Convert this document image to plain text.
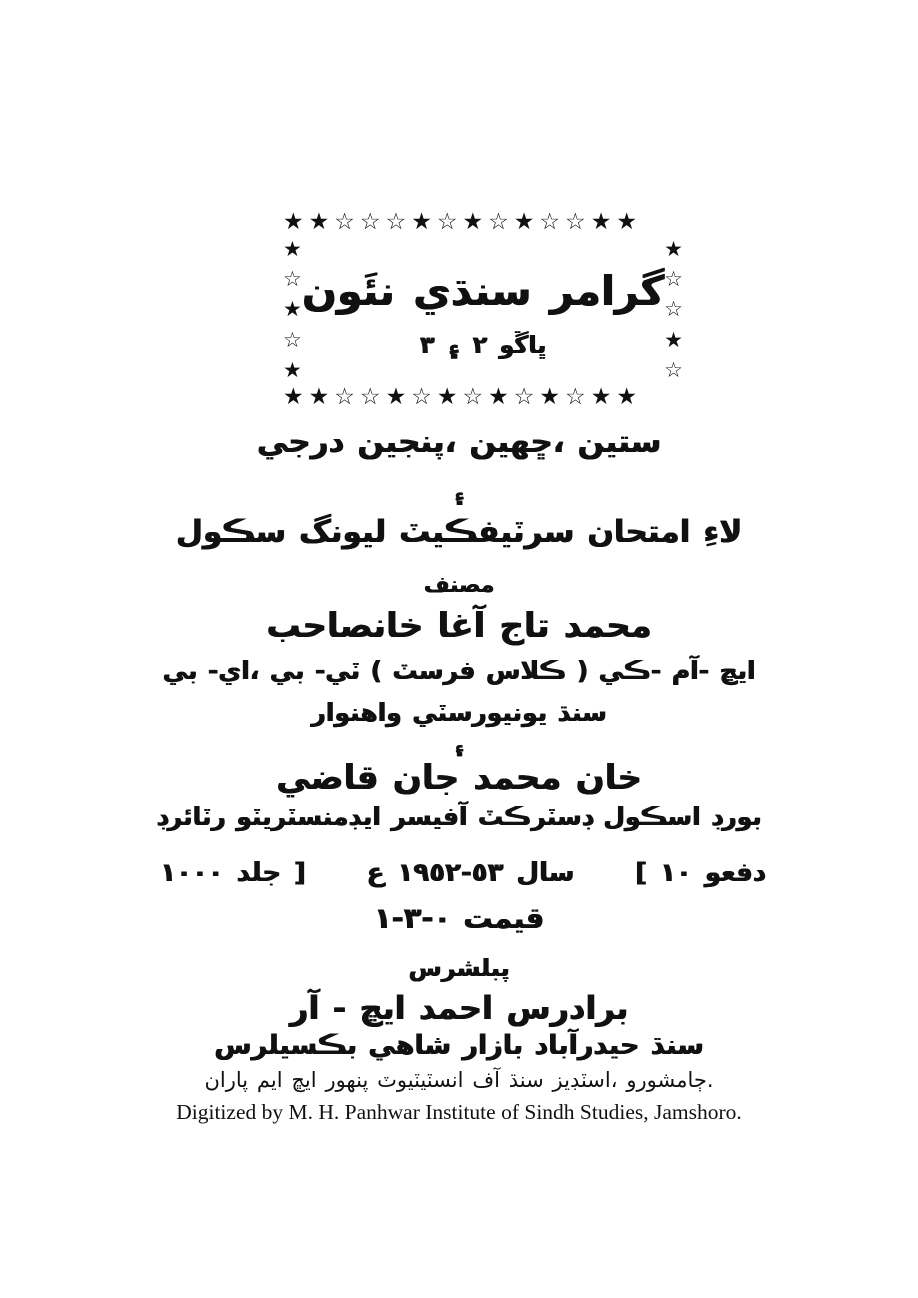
★ ★ ☆ ☆ ☆ ★ ☆ ★ ☆ ★ ☆ ☆ ★ ★
★
☆
★
☆
★
نئَون سنڌي گرامر
٣ ۽ ٢ ڀاڱو
★
☆
☆
★
☆
★ ★ ☆ ☆ ★ ☆ ★ ☆ ★ ☆ ★ ☆ ★ ★
درجي پنجين، ڇهين، ستين
۽
سڪول ليونگ سرٽيفڪيٽ امتحان لاءِ
مصنف
خانصاحب آغا تاج محمد
بي -اي، بي -ٽي ( فرسٽ ڪلاس ) ڪي- آم- ايڇ
واهنوار يونيورسٽي سنڌ
۽
قاضي جان محمد خان
رٽائرڊ ايڊمنسٽريٽو آفيسر ڊسٽرڪٽ اسڪول بورڊ
١٠٠٠ جلد ] ع ١٩٥٢-٥٣ سال [ ١٠ دفعو
١-٣-٠ قيمت
پبلشرس
آر - ايڇ احمد برادرس
بڪسيلرس شاهي بازار حيدرآباد سنڌ
پاران ايم ايڇ پنهور انسٽيٽيوٽ آف سنڌ اسٽڊيز، ڄامشورو.
Digitized by M. H. Panhwar Institute of Sindh Studies, Jamshoro.
